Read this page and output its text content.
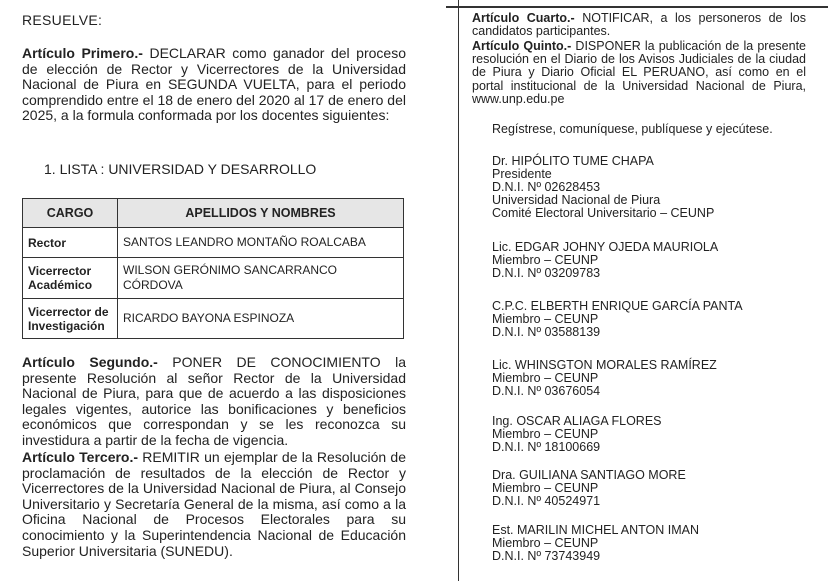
RESUELVE:

Artículo Primero.- DECLARAR como ganador del proceso de elección de Rector y Vicerrectores de la Universidad Nacional de Piura en SEGUNDA VUELTA, para el periodo comprendido entre el 18 de enero del 2020 al 17 de enero del 2025, a la formula conformada por los docentes siguientes:

1. LISTA : UNIVERSIDAD Y DESARROLLO
CARGO	APELLIDOS Y NOMBRES
Rector	SANTOS LEANDRO MONTAÑO ROALCABA
Vicerrector Académico	WILSON GERÓNIMO SANCARRANCO CÓRDOVA
Vicerrector de Investigación	RICARDO BAYONA ESPINOZA

Artículo Segundo.- PONER DE CONOCIMIENTO la presente Resolución al señor Rector de la Universidad Nacional de Piura, para que de acuerdo a las disposiciones legales vigentes, autorice las bonificaciones y beneficios económicos que correspondan y se les reconozca su investidura a partir de la fecha de vigencia.

Artículo Tercero.- REMITIR un ejemplar de la Resolución de proclamación de resultados de la elección de Rector y Vicerrectores de la Universidad Nacional de Piura, al Consejo Universitario y Secretaría General de la misma, así como a la Oficina Nacional de Procesos Electorales para su conocimiento y la Superintendencia Nacional de Educación Superior Universitaria (SUNEDU).

Artículo Cuarto.- NOTIFICAR, a los personeros de los candidatos participantes.

Artículo Quinto.- DISPONER la publicación de la presente resolución en el Diario de los Avisos Judiciales de la ciudad de Piura y Diario Oficial EL PERUANO, así como en el portal institucional de la Universidad Nacional de Piura, www.unp.edu.pe

Regístrese, comuníquese, publíquese y ejecútese.
Dr. HIPÓLITO TUME CHAPA
Presidente
D.N.I. Nº 02628453
Universidad Nacional de Piura
Comité Electoral Universitario – CEUNP
Lic. EDGAR JOHNY OJEDA MAURIOLA
Miembro – CEUNP
D.N.I. Nº 03209783
C.P.C. ELBERTH ENRIQUE GARCÍA PANTA
Miembro – CEUNP
D.N.I. Nº 03588139
Lic. WHINSGTON MORALES RAMÍREZ
Miembro – CEUNP
D.N.I. Nº 03676054
Ing. OSCAR ALIAGA FLORES
Miembro – CEUNP
D.N.I. Nº 18100669
Dra. GUILIANA SANTIAGO MORE
Miembro – CEUNP
D.N.I. Nº 40524971
Est. MARILIN MICHEL ANTON IMAN
Miembro – CEUNP
D.N.I. Nº 73743949
